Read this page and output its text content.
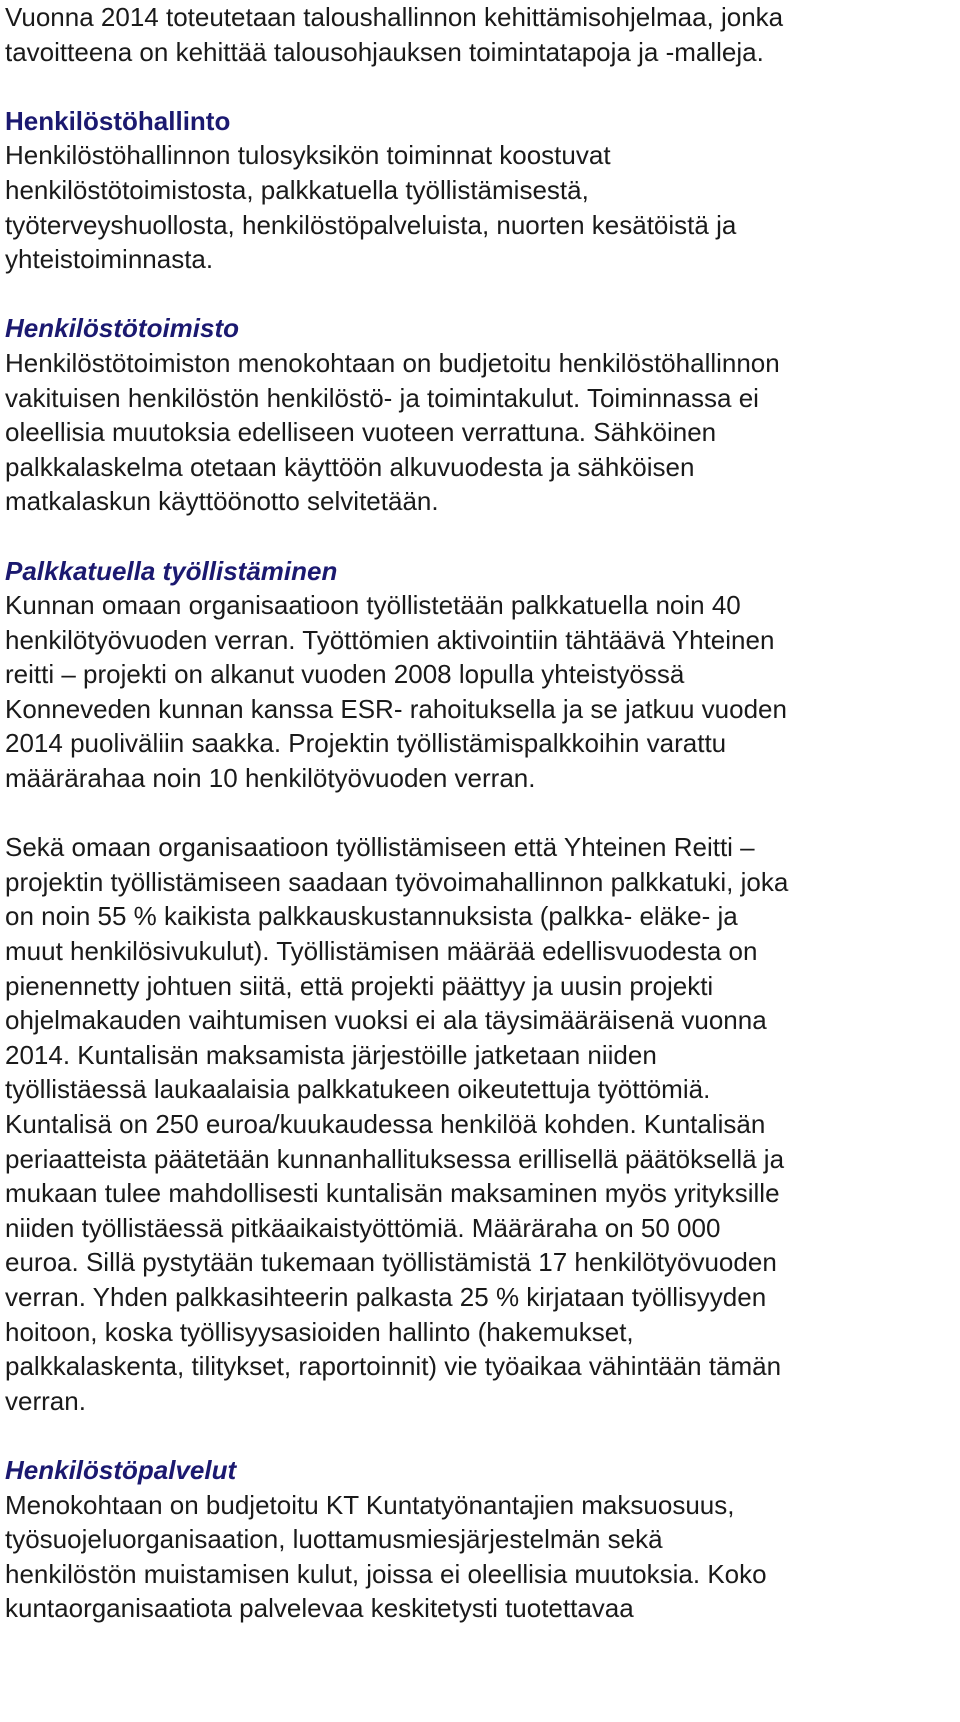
Vuonna 2014 toteutetaan taloushallinnon kehittämisohjelmaa, jonka
tavoitteena on kehittää talousohjauksen toimintatapoja ja -malleja.
Henkilöstöhallinto
Henkilöstöhallinnon tulosyksikön toiminnat koostuvat
henkilöstötoimistosta, palkkatuella työllistämisestä,
työterveyshuollosta, henkilöstöpalveluista, nuorten kesätöistä ja
yhteistoiminnasta.
Henkilöstötoimisto
Henkilöstötoimiston menokohtaan on budjetoitu henkilöstöhallinnon
vakituisen henkilöstön henkilöstö- ja toimintakulut. Toiminnassa ei
oleellisia muutoksia edelliseen vuoteen verrattuna. Sähköinen
palkkalaskelma otetaan käyttöön alkuvuodesta ja sähköisen
matkalaskun käyttöönotto selvitetään.
Palkkatuella työllistäminen
Kunnan omaan organisaatioon työllistetään palkkatuella noin 40
henkilötyövuoden verran. Työttömien aktivointiin tähtäävä Yhteinen
reitti – projekti on alkanut vuoden 2008 lopulla yhteistyössä
Konneveden kunnan kanssa ESR- rahoituksella ja se jatkuu vuoden
2014 puoliväliin saakka. Projektin työllistämispalkkoihin varattu
määrärahaa noin 10 henkilötyövuoden verran.
Sekä omaan organisaatioon työllistämiseen että Yhteinen Reitti –
projektin työllistämiseen saadaan työvoimahallinnon palkkatuki, joka
on noin 55 % kaikista palkkauskustannuksista (palkka- eläke- ja
muut henkilösivukulut). Työllistämisen määrää edellisvuodesta on
pienennetty johtuen siitä, että projekti päättyy ja uusin projekti
ohjelmakauden vaihtumisen vuoksi ei ala täysimääräisenä vuonna
2014. Kuntalisän maksamista järjestöille jatketaan niiden
työllistäessä laukaalaisia palkkatukeen oikeutettuja työttömiä.
Kuntalisä on 250 euroa/kuukaudessa henkilöä kohden. Kuntalisän
periaatteista päätetään kunnanhallituksessa erillisellä päätöksellä ja
mukaan tulee mahdollisesti kuntalisän maksaminen myös yrityksille
niiden työllistäessä pitkäaikaistyöttömiä. Määräraha on 50 000
euroa. Sillä pystytään tukemaan työllistämistä 17 henkilötyövuoden
verran. Yhden palkkasihteerin palkasta 25 % kirjataan työllisyyden
hoitoon, koska työllisyysasioiden hallinto (hakemukset,
palkkalaskenta, tilitykset, raportoinnit) vie työaikaa vähintään tämän
verran.
Henkilöstöpalvelut
Menokohtaan on budjetoitu KT Kuntatyönantajien maksuosuus,
työsuojeluorganisaation, luottamusmiesjärjestelmän sekä
henkilöstön muistamisen kulut, joissa ei oleellisia muutoksia. Koko
kuntaorganisaatiota palvelevaa keskitetysti tuotettavaa
